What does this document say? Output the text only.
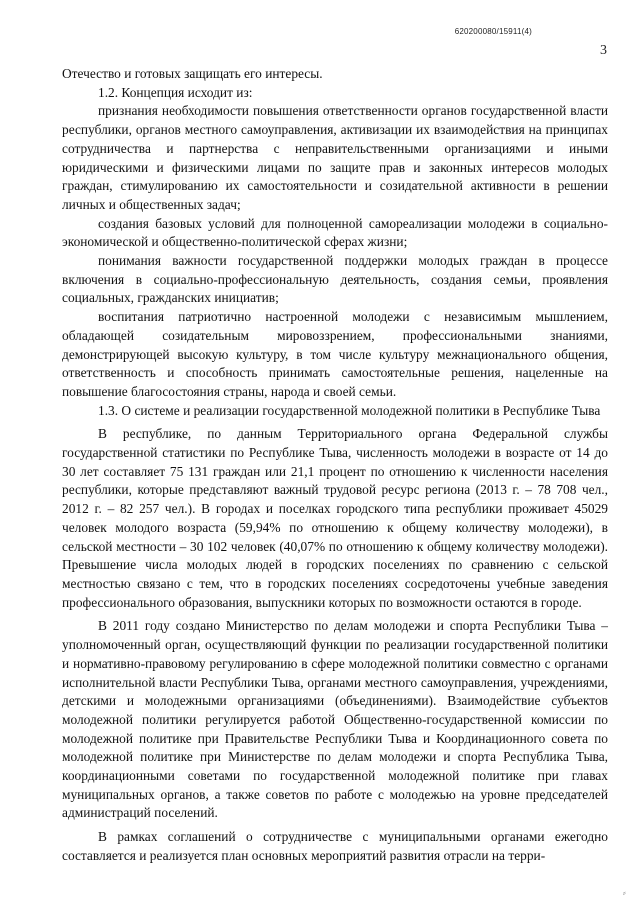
620200080/15911(4)
3

Отечество и готовых защищать его интересы.

1.2. Концепция исходит из:

признания необходимости повышения ответственности органов государственной власти республики, органов местного самоуправления, активизации их взаимодействия на принципах сотрудничества и партнерства с неправительственными организациями и иными юридическими и физическими лицами по защите прав и законных интересов молодых граждан, стимулированию их самостоятельности и созидательной активности в решении личных и общественных задач;

создания базовых условий для полноценной самореализации молодежи в социально-экономической и общественно-политической сферах жизни;

понимания важности государственной поддержки молодых граждан в процессе включения в социально-профессиональную деятельность, создания семьи, проявления социальных, гражданских инициатив;

воспитания патриотично настроенной молодежи с независимым мышлением, обладающей созидательным мировоззрением, профессиональными знаниями, демонстрирующей высокую культуру, в том числе культуру межнационального общения, ответственность и способность принимать самостоятельные решения, нацеленные на повышение благосостояния страны, народа и своей семьи.

1.3. О системе и реализации государственной молодежной политики в Республике Тыва

В республике, по данным Территориального органа Федеральной службы государственной статистики по Республике Тыва, численность молодежи в возрасте от 14 до 30 лет составляет 75 131 граждан или 21,1 процент по отношению к численности населения республики, которые представляют важный трудовой ресурс региона (2013 г. – 78 708 чел., 2012 г. – 82 257 чел.). В городах и поселках городского типа республики проживает 45029 человек молодого возраста (59,94% по отношению к общему количеству молодежи), в сельской местности – 30 102 человек (40,07% по отношению к общему количеству молодежи). Превышение числа молодых людей в городских поселениях по сравнению с сельской местностью связано с тем, что в городских поселениях сосредоточены учебные заведения профессионального образования, выпускники которых по возможности остаются в городе.

В 2011 году создано Министерство по делам молодежи и спорта Республики Тыва – уполномоченный орган, осуществляющий функции по реализации государственной политики и нормативно-правовому регулированию в сфере молодежной политики совместно с органами исполнительной власти Республики Тыва, органами местного самоуправления, учреждениями, детскими и молодежными организациями (объединениями). Взаимодействие субъектов молодежной политики регулируется работой Общественно-государственной комиссии по молодежной политике при Правительстве Республики Тыва и Координационного совета по молодежной политике при Министерстве по делам молодежи и спорта Республика Тыва, координационными советами по государственной молодежной политике при главах муниципальных органов, а также советов по работе с молодежью на уровне председателей администраций поселений.

В рамках соглашений о сотрудничестве с муниципальными органами ежегодно составляется и реализуется план основных мероприятий развития отрасли на терри-

⸗
